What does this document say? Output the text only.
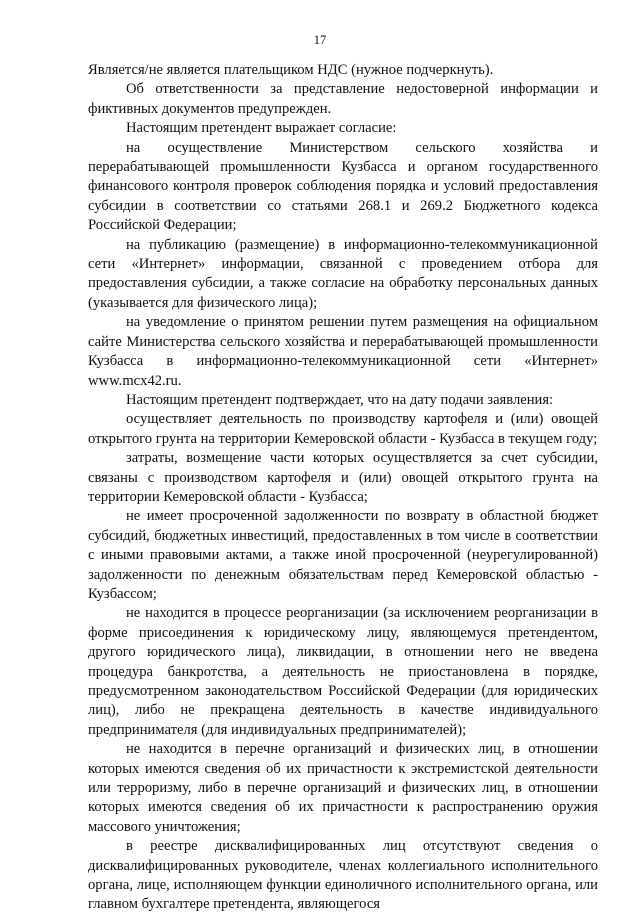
17

Является/не является плательщиком НДС (нужное подчеркнуть).

Об ответственности за представление недостоверной информации и фиктивных документов предупрежден.

Настоящим претендент выражает согласие:

на осуществление Министерством сельского хозяйства и перерабатывающей промышленности Кузбасса и органом государственного финансового контроля проверок соблюдения порядка и условий предоставления субсидии в соответствии со статьями 268.1 и 269.2 Бюджетного кодекса Российской Федерации;

на публикацию (размещение) в информационно-телекоммуникационной сети «Интернет» информации, связанной с проведением отбора для предоставления субсидии, а также согласие на обработку персональных данных (указывается для физического лица);

на уведомление о принятом решении путем размещения на официальном сайте Министерства сельского хозяйства и перерабатывающей промышленности Кузбасса в информационно-телекоммуникационной сети «Интернет» www.mcx42.ru.

Настоящим претендент подтверждает, что на дату подачи заявления:

осуществляет деятельность по производству картофеля и (или) овощей открытого грунта на территории Кемеровской области - Кузбасса в текущем году;

затраты, возмещение части которых осуществляется за счет субсидии, связаны с производством картофеля и (или) овощей открытого грунта на территории Кемеровской области - Кузбасса;

не имеет просроченной задолженности по возврату в областной бюджет субсидий, бюджетных инвестиций, предоставленных в том числе в соответствии с иными правовыми актами, а также иной просроченной (неурегулированной) задолженности по денежным обязательствам перед Кемеровской областью - Кузбассом;

не находится в процессе реорганизации (за исключением реорганизации в форме присоединения к юридическому лицу, являющемуся претендентом, другого юридического лица), ликвидации, в отношении него не введена процедура банкротства, а деятельность не приостановлена в порядке, предусмотренном законодательством Российской Федерации (для юридических лиц), либо не прекращена деятельность в качестве индивидуального предпринимателя (для индивидуальных предпринимателей);

не находится в перечне организаций и физических лиц, в отношении которых имеются сведения об их причастности к экстремистской деятельности или терроризму, либо в перечне организаций и физических лиц, в отношении которых имеются сведения об их причастности к распространению оружия массового уничтожения;

в реестре дисквалифицированных лиц отсутствуют сведения о дисквалифицированных руководителе, членах коллегиального исполнительного органа, лице, исполняющем функции единоличного исполнительного органа, или главном бухгалтере претендента, являющегося
